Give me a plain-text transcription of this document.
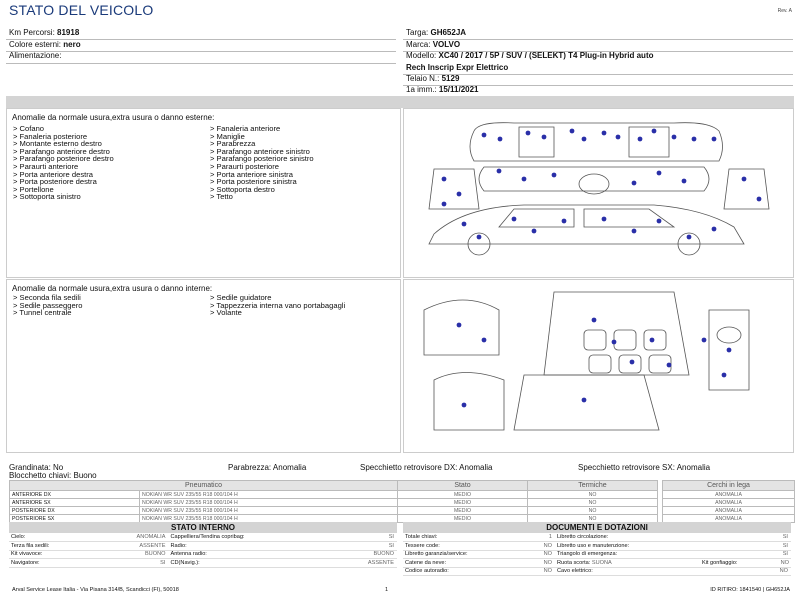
STATO DEL VEICOLO	Rev. A
Km Percorsi: 81918
Colore esterni: nero
Alimentazione:
Targa: GH652JA
Marca: VOLVO
Modello: XC40 / 2017 / 5P / SUV / (SELEKT) T4 Plug-in Hybrid auto
Rech Inscrip Expr Elettrico
Telaio N.: 5129
1a imm.: 15/11/2021
Anomalie da normale usura,extra usura o danno esterne:
> Cofano
> Fanaleria posteriore
> Montante esterno destro
> Parafango anteriore destro
> Parafango posteriore destro
> Paraurti anteriore
> Porta anteriore destra
> Porta posteriore destra
> Portellone
> Sottoporta sinistro
> Fanaleria anteriore
> Maniglie
> Parabrezza
> Parafango anteriore sinistro
> Parafango posteriore sinistro
> Paraurti posteriore
> Porta anteriore sinistra
> Porta posteriore sinistra
> Sottoporta destro
> Tetto
Anomalie da normale usura,extra usura o danno interne:
> Seconda fila sedili
> Sedile passeggero
> Tunnel centrale
> Sedile guidatore
> Tappezzeria interna vano portabagagli
> Volante
Grandinata: No
Blocchetto chiavi: Buono
Parabrezza: Anomalia	Specchietto retrovisore DX: Anomalia	Specchietto retrovisore SX: Anomalia
Pneumatico		Stato	Termiche		Cerchi in lega
ANTERIORE DX	NOKIAN WR SUV 235/55 R18 000/104 H	MEDIO	NO		ANOMALIA
ANTERIORE SX	NOKIAN WR SUV 235/55 R18 000/104 H	MEDIO	NO		ANOMALIA
POSTERIORE DX	NOKIAN WR SUV 235/55 R18 000/104 H	MEDIO	NO		ANOMALIA
POSTERIORE SX	NOKIAN WR SUV 235/55 R18 000/104 H	MEDIO	NO		ANOMALIA
STATO INTERNO
Cielo:	ANOMALIA	Cappelliera/Tendina copribag:	SI
Terza fila sedili:	ASSENTE	Radio:	SI
Kit vivavoce:	BUONO	Antenna radio:	BUONO
Navigatore:	SI	CD(Navig.):	ASSENTE
DOCUMENTI E DOTAZIONI
Totale chiavi:	1	Libretto circolazione:	SI
Tessere code:	NO	Libretto uso e manutenzione:	SI
Libretto garanzia/service:	NO	Triangolo di emergenza:	SI
Catene da neve:	NO	Ruota scorta: SUONA	Kit gonfiaggio: NO

Codice autoradio:	NO	Cavo elettrico:	NO
Arval Service Lease Italia - Via Pisana 314/B, Scandicci (FI), 50018	1	ID RITIRO: 1841540 | GH652JA
